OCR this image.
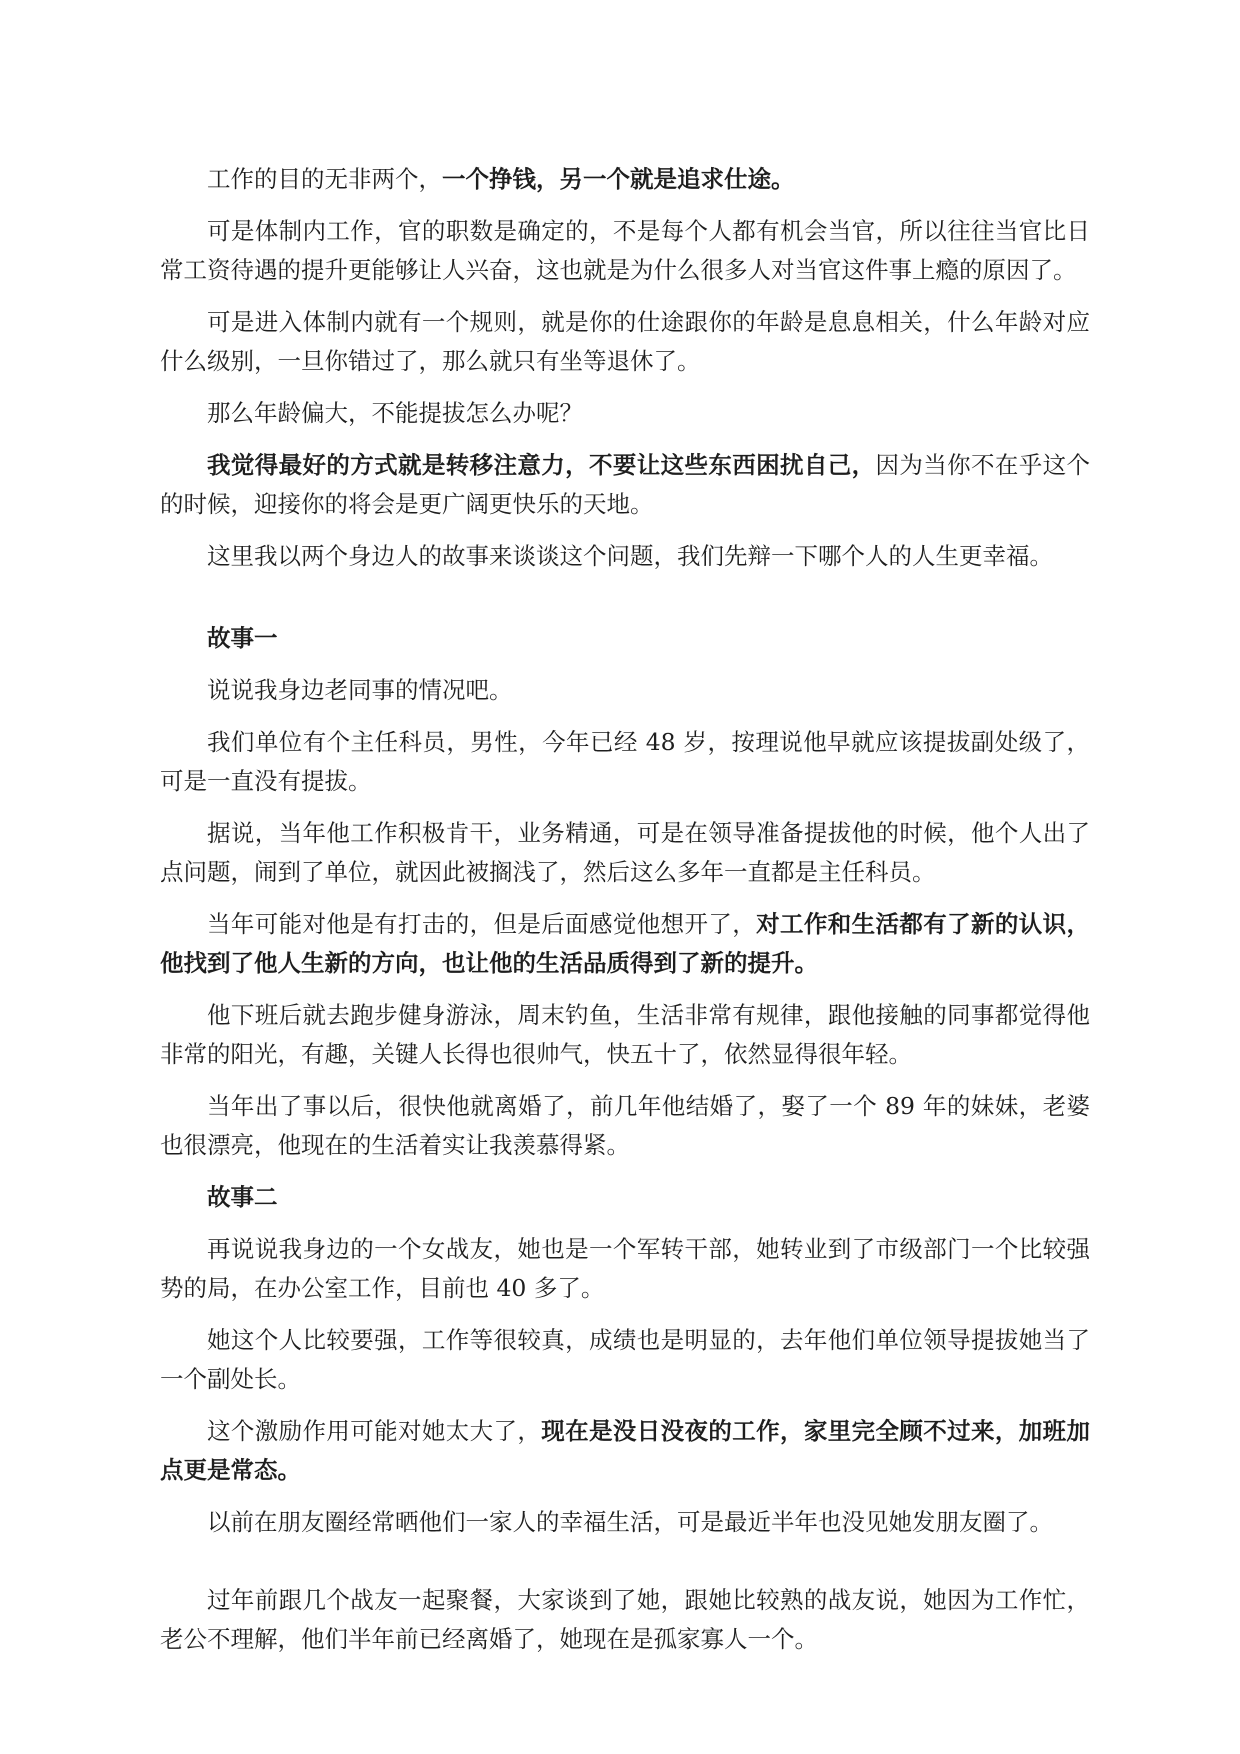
工作的目的无非两个，一个挣钱，另一个就是追求仕途。

可是体制内工作，官的职数是确定的，不是每个人都有机会当官，所以往往当官比日常工资待遇的提升更能够让人兴奋，这也就是为什么很多人对当官这件事上瘾的原因了。

可是进入体制内就有一个规则，就是你的仕途跟你的年龄是息息相关，什么年龄对应什么级别，一旦你错过了，那么就只有坐等退休了。

那么年龄偏大，不能提拔怎么办呢？

我觉得最好的方式就是转移注意力，不要让这些东西困扰自己，因为当你不在乎这个的时候，迎接你的将会是更广阔更快乐的天地。

这里我以两个身边人的故事来谈谈这个问题，我们先辩一下哪个人的人生更幸福。

故事一

说说我身边老同事的情况吧。

我们单位有个主任科员，男性，今年已经 48 岁，按理说他早就应该提拔副处级了，可是一直没有提拔。

据说，当年他工作积极肯干，业务精通，可是在领导准备提拔他的时候，他个人出了点问题，闹到了单位，就因此被搁浅了，然后这么多年一直都是主任科员。

当年可能对他是有打击的，但是后面感觉他想开了，对工作和生活都有了新的认识，他找到了他人生新的方向，也让他的生活品质得到了新的提升。

他下班后就去跑步健身游泳，周末钓鱼，生活非常有规律，跟他接触的同事都觉得他非常的阳光，有趣，关键人长得也很帅气，快五十了，依然显得很年轻。

当年出了事以后，很快他就离婚了，前几年他结婚了，娶了一个 89 年的妹妹，老婆也很漂亮，他现在的生活着实让我羡慕得紧。

故事二

再说说我身边的一个女战友，她也是一个军转干部，她转业到了市级部门一个比较强势的局，在办公室工作，目前也 40 多了。

她这个人比较要强，工作等很较真，成绩也是明显的，去年他们单位领导提拔她当了一个副处长。

这个激励作用可能对她太大了，现在是没日没夜的工作，家里完全顾不过来，加班加点更是常态。

以前在朋友圈经常晒他们一家人的幸福生活，可是最近半年也没见她发朋友圈了。

过年前跟几个战友一起聚餐，大家谈到了她，跟她比较熟的战友说，她因为工作忙，老公不理解，他们半年前已经离婚了，她现在是孤家寡人一个。
